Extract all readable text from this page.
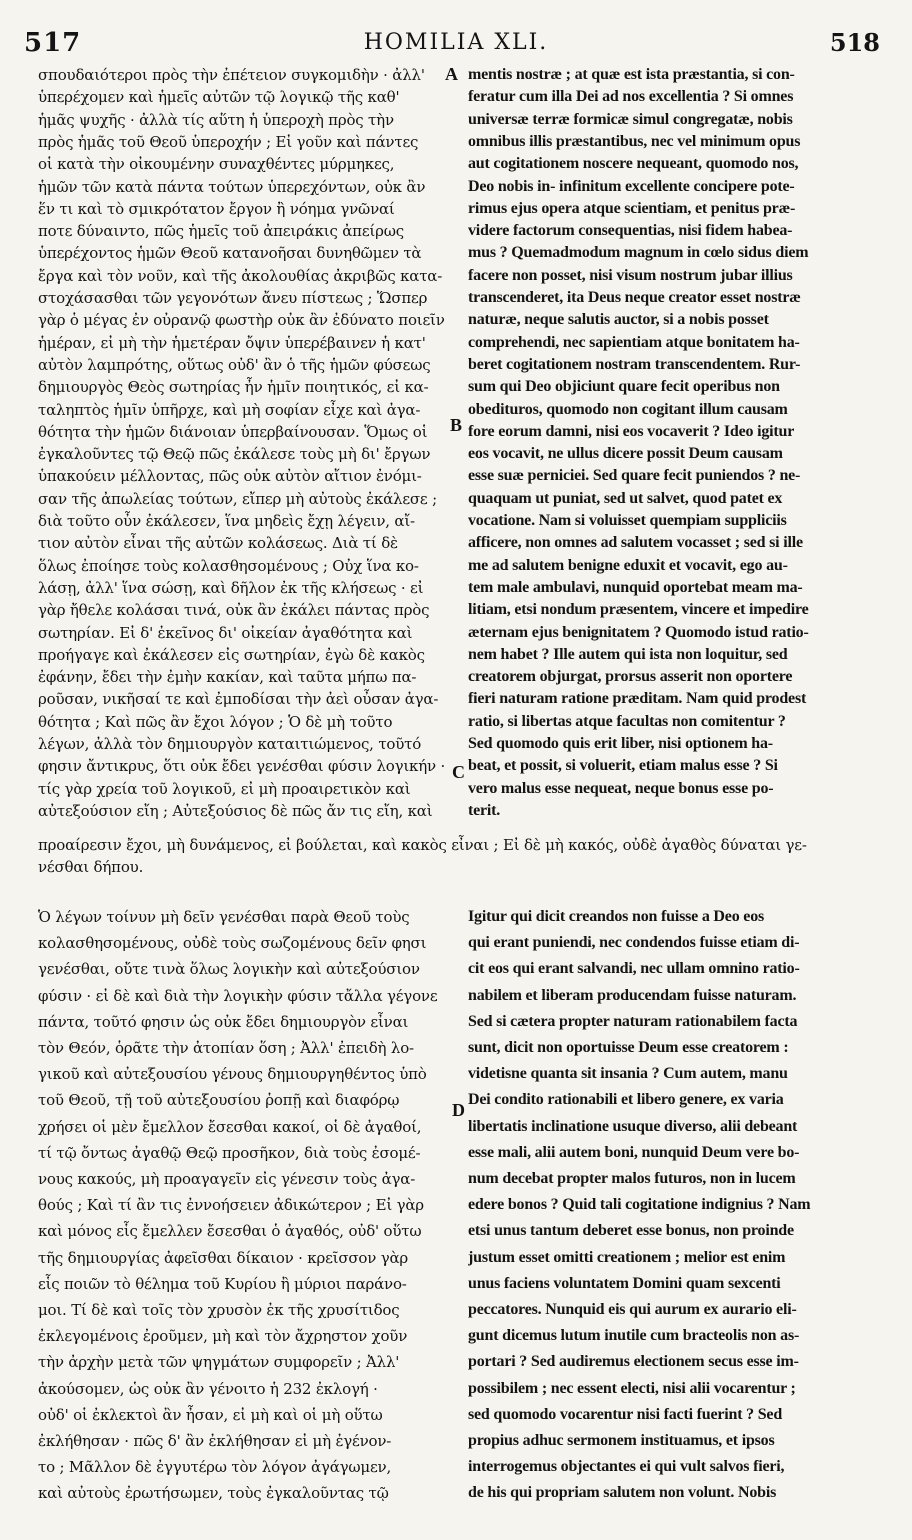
517	HOMILIA XLI.	518
σπουδαιότεροι πρὸς τὴν ἐπέτειον συγκομιδὴν · ἀλλ'
ὑπερέχομεν καὶ ἡμεῖς αὐτῶν τῷ λογικῷ τῆς καθ'
ἡμᾶς ψυχῆς · ἀλλὰ τίς αὕτη ἡ ὑπεροχὴ πρὸς τὴν
πρὸς ἡμᾶς τοῦ Θεοῦ ὑπεροχήν ; Εἰ γοῦν καὶ πάντες
οἱ κατὰ τὴν οἰκουμένην συναχθέντες μύρμηκες,
ἡμῶν τῶν κατὰ πάντα τούτων ὑπερεχόντων, οὐκ ἂν
ἕν τι καὶ τὸ σμικρότατον ἔργον ἢ νόημα γνῶναί
ποτε δύναιντο, πῶς ἡμεῖς τοῦ ἀπειράκις ἀπείρως
ὑπερέχοντος ἡμῶν Θεοῦ κατανοῆσαι δυνηθῶμεν τὰ
ἔργα καὶ τὸν νοῦν, καὶ τῆς ἀκολουθίας ἀκριβῶς κατα-
στοχάσασθαι τῶν γεγονότων ἄνευ πίστεως ; Ὥσπερ
γὰρ ὁ μέγας ἐν οὐρανῷ φωστὴρ οὐκ ἂν ἐδύνατο ποιεῖν
ἡμέραν, εἰ μὴ τὴν ἡμετέραν ὄψιν ὑπερέβαινεν ἡ κατ'
αὐτὸν λαμπρότης, οὕτως οὐδ' ἂν ὁ τῆς ἡμῶν φύσεως
δημιουργὸς Θεὸς σωτηρίας ἦν ἡμῖν ποιητικός, εἰ κα-
ταληπτὸς ἡμῖν ὑπῆρχε, καὶ μὴ σοφίαν εἶχε καὶ ἀγα-
θότητα τὴν ἡμῶν διάνοιαν ὑπερβαίνουσαν. Ὅμως οἱ
ἐγκαλοῦντες τῷ Θεῷ πῶς ἐκάλεσε τοὺς μὴ δι' ἔργων
ὑπακούειν μέλλοντας, πῶς οὐκ αὐτὸν αἴτιον ἐνόμι-
σαν τῆς ἀπωλείας τούτων, εἴπερ μὴ αὐτοὺς ἐκάλεσε ;
διὰ τοῦτο οὖν ἐκάλεσεν, ἵνα μηδεὶς ἔχῃ λέγειν, αἴ-
τιον αὐτὸν εἶναι τῆς αὐτῶν κολάσεως. Διὰ τί δὲ
ὅλως ἐποίησε τοὺς κολασθησομένους ; Οὐχ ἵνα κο-
λάσῃ, ἀλλ' ἵνα σώσῃ, καὶ δῆλον ἐκ τῆς κλήσεως · εἰ
γὰρ ἤθελε κολάσαι τινά, οὐκ ἂν ἐκάλει πάντας πρὸς
σωτηρίαν. Εἰ δ' ἐκεῖνος δι' οἰκείαν ἀγαθότητα καὶ
προήγαγε καὶ ἐκάλεσεν εἰς σωτηρίαν, ἐγὼ δὲ κακὸς
ἐφάνην, ἔδει τὴν ἐμὴν κακίαν, καὶ ταῦτα μήπω πα-
ροῦσαν, νικῆσαί τε καὶ ἐμποδίσαι τὴν ἀεὶ οὖσαν ἀγα-
θότητα ; Καὶ πῶς ἂν ἔχοι λόγον ; Ὁ δὲ μὴ τοῦτο
λέγων, ἀλλὰ τὸν δημιουργὸν καταιτιώμενος, τοῦτό
φησιν ἄντικρυς, ὅτι οὐκ ἔδει γενέσθαι φύσιν λογικήν ·
τίς γὰρ χρεία τοῦ λογικοῦ, εἰ μὴ προαιρετικὸν καὶ
αὐτεξούσιον εἴη ; Αὐτεξούσιος δὲ πῶς ἄν τις εἴη, καὶ
mentis nostræ ; at quæ est ista præstantia, si con-
feratur cum illa Dei ad nos excellentia ? Si omnes
universæ terræ formicæ simul congregatæ, nobis
omnibus illis præstantibus, nec vel minimum opus
aut cogitationem noscere nequeant, quomodo nos,
Deo nobis in- infinitum excellente concipere pote-
rimus ejus opera atque scientiam, et penitus præ-
videre factorum consequentias, nisi fidem habea-
mus ? Quemadmodum magnum in cœlo sidus diem
facere non posset, nisi visum nostrum jubar illius
transcenderet, ita Deus neque creator esset nostræ
naturæ, neque salutis auctor, si a nobis posset
comprehendi, nec sapientiam atque bonitatem ha-
beret cogitationem nostram transcendentem. Rur-
sum qui Deo objiciunt quare fecit operibus non
obedituros, quomodo non cogitant illum causam
fore eorum damni, nisi eos vocaverit ? Ideo igitur
eos vocavit, ne ullus dicere possit Deum causam
esse suæ perniciei. Sed quare fecit puniendos ? ne-
quaquam ut puniat, sed ut salvet, quod patet ex
vocatione. Nam si voluisset quempiam suppliciis
afficere, non omnes ad salutem vocasset ; sed si ille
me ad salutem benigne eduxit et vocavit, ego au-
tem male ambulavi, nunquid oportebat meam ma-
litiam, etsi nondum præsentem, vincere et impedire
æternam ejus benignitatem ? Quomodo istud ratio-
nem habet ? Ille autem qui ista non loquitur, sed
creatorem objurgat, prorsus asserit non oportere
fieri naturam ratione præditam. Nam quid prodest
ratio, si libertas atque facultas non comitentur ?
Sed quomodo quis erit liber, nisi optionem ha-
beat, et possit, si voluerit, etiam malus esse ? Si
vero malus esse nequeat, neque bonus esse po-
terit.
προαίρεσιν ἔχοι, μὴ δυνάμενος, εἰ βούλεται, καὶ κακὸς εἶναι ; Εἰ δὲ μὴ κακός, οὐδὲ ἀγαθὸς δύναται γε-
νέσθαι δήπου.
Ὁ λέγων τοίνυν μὴ δεῖν γενέσθαι παρὰ Θεοῦ τοὺς
κολασθησομένους, οὐδὲ τοὺς σωζομένους δεῖν φησι
γενέσθαι, οὔτε τινὰ ὅλως λογικὴν καὶ αὐτεξούσιον
φύσιν · εἰ δὲ καὶ διὰ τὴν λογικὴν φύσιν τἄλλα γέγονε
πάντα, τοῦτό φησιν ὡς οὐκ ἔδει δημιουργὸν εἶναι
τὸν Θεόν, ὁρᾶτε τὴν ἀτοπίαν ὅση ; Ἀλλ' ἐπειδὴ λο-
γικοῦ καὶ αὐτεξουσίου γένους δημιουργηθέντος ὑπὸ
τοῦ Θεοῦ, τῇ τοῦ αὐτεξουσίου ῥοπῇ καὶ διαφόρῳ
χρήσει οἱ μὲν ἔμελλον ἔσεσθαι κακοί, οἱ δὲ ἀγαθοί,
τί τῷ ὄντως ἀγαθῷ Θεῷ προσῆκον, διὰ τοὺς ἐσομέ-
νους κακούς, μὴ προαγαγεῖν εἰς γένεσιν τοὺς ἀγα-
θούς ; Καὶ τί ἂν τις ἐννοήσειεν ἀδικώτερον ; Εἰ γὰρ
καὶ μόνος εἷς ἔμελλεν ἔσεσθαι ὁ ἀγαθός, οὐδ' οὕτω
τῆς δημιουργίας ἀφεῖσθαι δίκαιον · κρεῖσσον γὰρ
εἷς ποιῶν τὸ θέλημα τοῦ Κυρίου ἢ μύριοι παράνο-
μοι. Τί δὲ καὶ τοῖς τὸν χρυσὸν ἐκ τῆς χρυσίτιδος
ἐκλεγομένοις ἐροῦμεν, μὴ καὶ τὸν ἄχρηστον χοῦν
τὴν ἀρχὴν μετὰ τῶν ψηγμάτων συμφορεῖν ; Ἀλλ'
ἀκούσομεν, ὡς οὐκ ἂν γένοιτο ἡ 232 ἐκλογή ·
οὐδ' οἱ ἐκλεκτοὶ ἂν ἦσαν, εἰ μὴ καὶ οἱ μὴ οὕτω
ἐκλήθησαν · πῶς δ' ἂν ἐκλήθησαν εἰ μὴ ἐγένον-
το ; Μᾶλλον δὲ ἐγγυτέρω τὸν λόγον ἀγάγωμεν,
καὶ αὐτοὺς ἐρωτήσωμεν, τοὺς ἐγκαλοῦντας τῷ
Igitur qui dicit creandos non fuisse a Deo eos
qui erant puniendi, nec condendos fuisse etiam di-
cit eos qui erant salvandi, nec ullam omnino ratio-
nabilem et liberam producendam fuisse naturam.
Sed si cætera propter naturam rationabilem facta
sunt, dicit non oportuisse Deum esse creatorem :
videtisne quanta sit insania ? Cum autem, manu
Dei condito rationabili et libero genere, ex varia
libertatis inclinatione usuque diverso, alii debeant
esse mali, alii autem boni, nunquid Deum vere bo-
num decebat propter malos futuros, non in lucem
edere bonos ? Quid tali cogitatione indignius ? Nam
etsi unus tantum deberet esse bonus, non proinde
justum esset omitti creationem ; melior est enim
unus faciens voluntatem Domini quam sexcenti
peccatores. Nunquid eis qui aurum ex aurario eli-
gunt dicemus lutum inutile cum bracteolis non as-
portari ? Sed audiremus electionem secus esse im-
possibilem ; nec essent electi, nisi alii vocarentur ;
sed quomodo vocarentur nisi facti fuerint ? Sed
propius adhuc sermonem instituamus, et ipsos
interrogemus objectantes ei qui vult salvos fieri,
de his qui propriam salutem non volunt. Nobis
A
B
C
D
